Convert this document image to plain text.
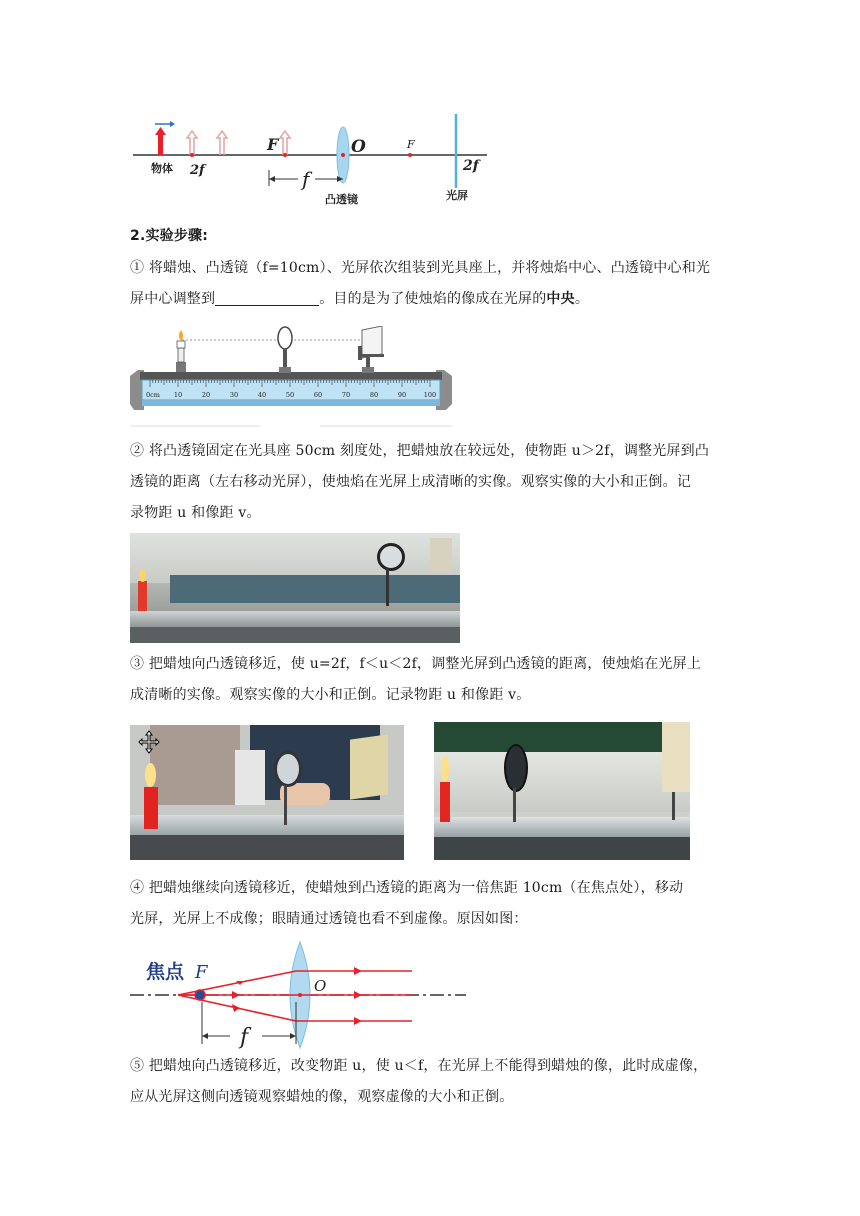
物体 2f
F
f
O
凸透镜
F
2f
光屏
2.实验步骤:
① 将蜡烛、凸透镜（f=10cm）、光屏依次组装到光具座上，并将烛焰中心、凸透镜中心和光
屏中心调整到	。目的是为了使烛焰的像成在光屏的中央。
0cm 10	20	30	40	50	60	70	80	90	100
② 将凸透镜固定在光具座 50cm 刻度处，把蜡烛放在较远处，使物距 u＞2f，调整光屏到凸
透镜的距离（左右移动光屏），使烛焰在光屏上成清晰的实像。观察实像的大小和正倒。记
录物距 u 和像距 v。
③ 把蜡烛向凸透镜移近，使 u=2f，f＜u＜2f，调整光屏到凸透镜的距离，使烛焰在光屏上
成清晰的实像。观察实像的大小和正倒。记录物距 u 和像距 v。
④ 把蜡烛继续向透镜移近，使蜡烛到凸透镜的距离为一倍焦距 10cm（在焦点处），移动
光屏，光屏上不成像；眼睛通过透镜也看不到虚像。原因如图：
焦点 F
O
f
⑤ 把蜡烛向凸透镜移近，改变物距 u，使 u＜f，在光屏上不能得到蜡烛的像，此时成虚像，
应从光屏这侧向透镜观察蜡烛的像，观察虚像的大小和正倒。
